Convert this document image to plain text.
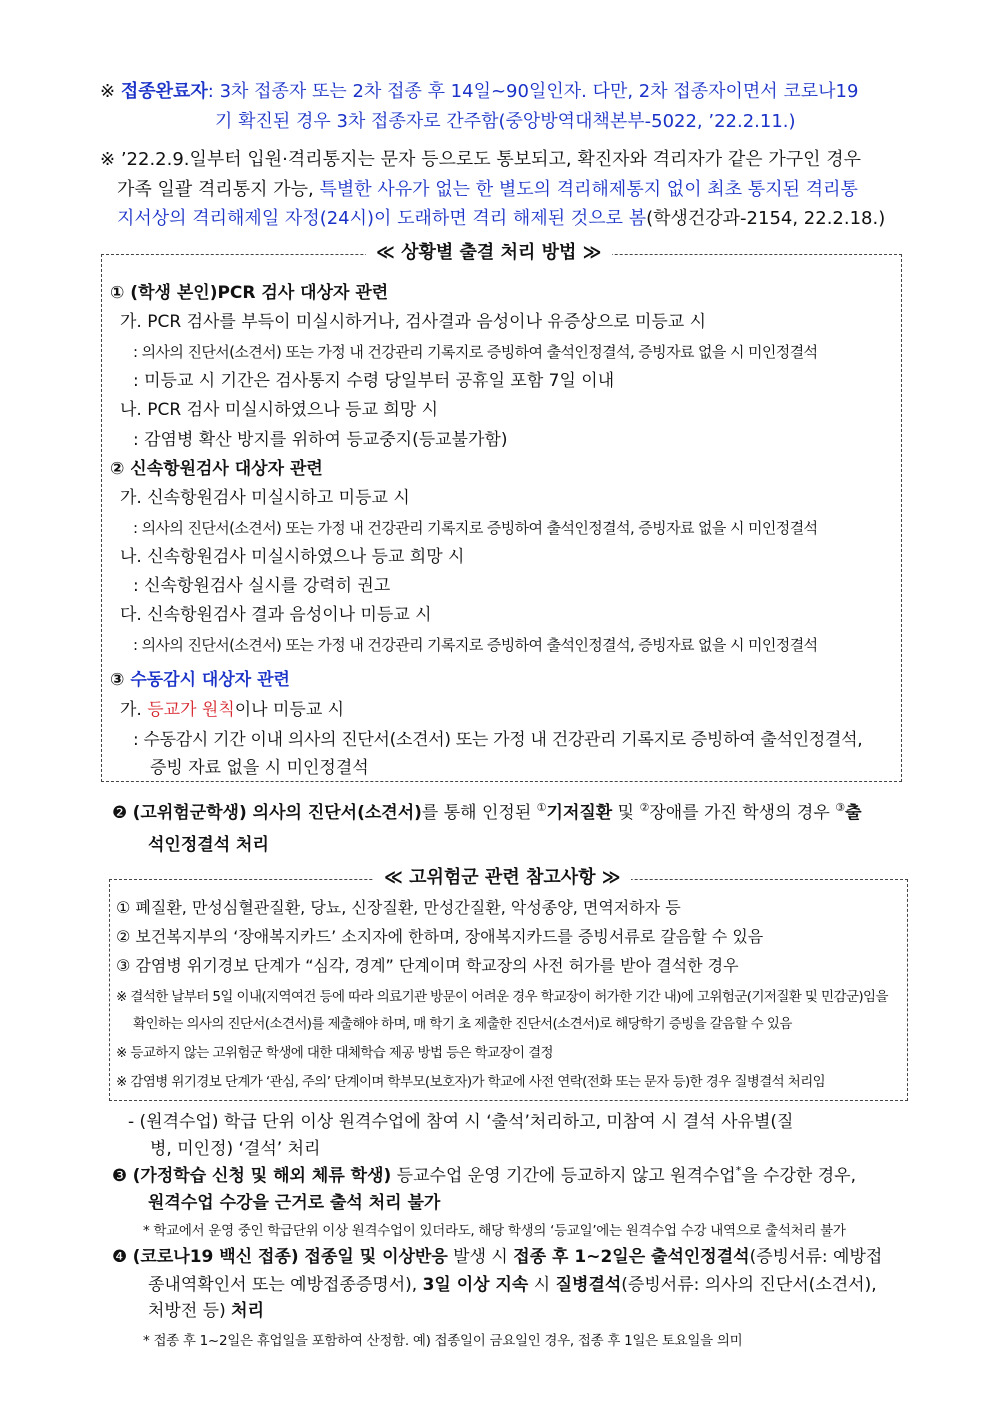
※ 접종완료자: 3차 접종자 또는 2차 접종 후 14일~90일인자. 다만, 2차 접종자이면서 코로나19
기 확진된 경우 3차 접종자로 간주함(중앙방역대책본부-5022, ’22.2.11.)
※ ’22.2.9.일부터 입원·격리통지는 문자 등으로도 통보되고, 확진자와 격리자가 같은 가구인 경우
가족 일괄 격리통지 가능, 특별한 사유가 없는 한 별도의 격리해제통지 없이 최초 통지된 격리통
지서상의 격리해제일 자정(24시)이 도래하면 격리 해제된 것으로 봄(학생건강과-2154, 22.2.18.)
≪ 상황별 출결 처리 방법 ≫
① (학생 본인)PCR 검사 대상자 관련
가. PCR 검사를 부득이 미실시하거나, 검사결과 음성이나 유증상으로 미등교 시
: 의사의 진단서(소견서) 또는 가정 내 건강관리 기록지로 증빙하여 출석인정결석, 증빙자료 없을 시 미인정결석
: 미등교 시 기간은 검사통지 수령 당일부터 공휴일 포함 7일 이내
나. PCR 검사 미실시하였으나 등교 희망 시
: 감염병 확산 방지를 위하여 등교중지(등교불가함)
② 신속항원검사 대상자 관련
가. 신속항원검사 미실시하고 미등교 시
: 의사의 진단서(소견서) 또는 가정 내 건강관리 기록지로 증빙하여 출석인정결석, 증빙자료 없을 시 미인정결석
나. 신속항원검사 미실시하였으나 등교 희망 시
: 신속항원검사 실시를 강력히 권고
다. 신속항원검사 결과 음성이나 미등교 시
: 의사의 진단서(소견서) 또는 가정 내 건강관리 기록지로 증빙하여 출석인정결석, 증빙자료 없을 시 미인정결석
③ 수동감시 대상자 관련
가. 등교가 원칙이나 미등교 시
: 수동감시 기간 이내 의사의 진단서(소견서) 또는 가정 내 건강관리 기록지로 증빙하여 출석인정결석,
증빙 자료 없을 시 미인정결석
❷ (고위험군학생) 의사의 진단서(소견서)를 통해 인정된 ①기저질환 및 ②장애를 가진 학생의 경우 ③출
석인정결석 처리
≪ 고위험군 관련 참고사항 ≫
① 폐질환, 만성심혈관질환, 당뇨, 신장질환, 만성간질환, 악성종양, 면역저하자 등
② 보건복지부의 ‘장애복지카드’ 소지자에 한하며, 장애복지카드를 증빙서류로 갈음할 수 있음
③ 감염병 위기경보 단계가 “심각, 경계” 단계이며 학교장의 사전 허가를 받아 결석한 경우
※ 결석한 날부터 5일 이내(지역여건 등에 따라 의료기관 방문이 어려운 경우 학교장이 허가한 기간 내)에 고위험군(기저질환 및 민감군)임을
확인하는 의사의 진단서(소견서)를 제출해야 하며, 매 학기 초 제출한 진단서(소견서)로 해당학기 증빙을 갈음할 수 있음
※ 등교하지 않는 고위험군 학생에 대한 대체학습 제공 방법 등은 학교장이 결정
※ 감염병 위기경보 단계가 ‘관심, 주의’ 단계이며 학부모(보호자)가 학교에 사전 연락(전화 또는 문자 등)한 경우 질병결석 처리임
- (원격수업) 학급 단위 이상 원격수업에 참여 시 ‘출석’처리하고, 미참여 시 결석 사유별(질
병, 미인정) ‘결석’ 처리
❸ (가정학습 신청 및 해외 체류 학생) 등교수업 운영 기간에 등교하지 않고 원격수업*을 수강한 경우,
원격수업 수강을 근거로 출석 처리 불가
* 학교에서 운영 중인 학급단위 이상 원격수업이 있더라도, 해당 학생의 ‘등교일’에는 원격수업 수강 내역으로 출석처리 불가
❹ (코로나19 백신 접종) 접종일 및 이상반응 발생 시 접종 후 1~2일은 출석인정결석(증빙서류: 예방접
종내역확인서 또는 예방접종증명서), 3일 이상 지속 시 질병결석(증빙서류: 의사의 진단서(소견서),
처방전 등) 처리
* 접종 후 1~2일은 휴업일을 포함하여 산정함. 예) 접종일이 금요일인 경우, 접종 후 1일은 토요일을 의미
